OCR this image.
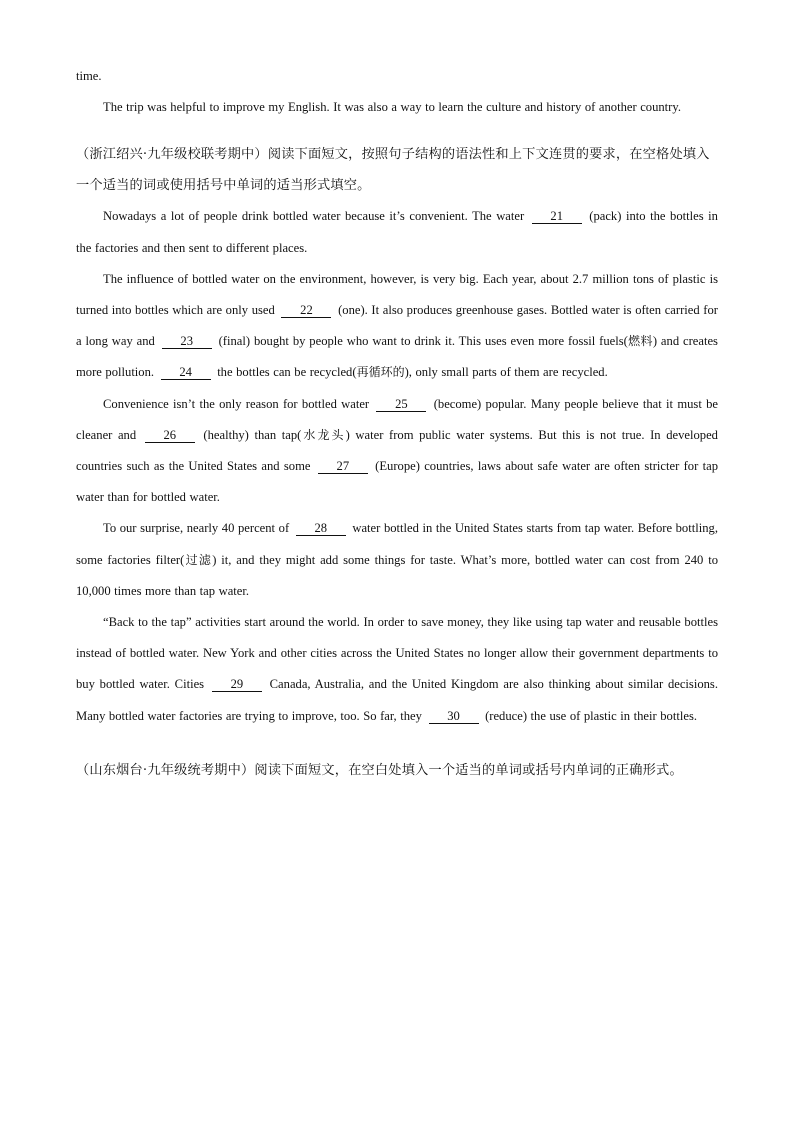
time.

The trip was helpful to improve my English. It was also a way to learn the culture and history of another country.

（浙江绍兴·九年级校联考期中）阅读下面短文，按照句子结构的语法性和上下文连贯的要求，在空格处填入一个适当的词或使用括号中单词的适当形式填空。

Nowadays a lot of people drink bottled water because it’s convenient. The water 21 (pack) into the bottles in the factories and then sent to different places.

The influence of bottled water on the environment, however, is very big. Each year, about 2.7 million tons of plastic is turned into bottles which are only used 22 (one). It also produces greenhouse gases. Bottled water is often carried for a long way and 23 (final) bought by people who want to drink it. This uses even more fossil fuels(燃料) and creates more pollution. 24 the bottles can be recycled(再循环的), only small parts of them are recycled.

Convenience isn’t the only reason for bottled water 25 (become) popular. Many people believe that it must be cleaner and 26 (healthy) than tap(水龙头) water from public water systems. But this is not true. In developed countries such as the United States and some 27 (Europe) countries, laws about safe water are often stricter for tap water than for bottled water.

To our surprise, nearly 40 percent of 28 water bottled in the United States starts from tap water. Before bottling, some factories filter(过滤) it, and they might add some things for taste. What’s more, bottled water can cost from 240 to 10,000 times more than tap water.

“Back to the tap” activities start around the world. In order to save money, they like using tap water and reusable bottles instead of bottled water. New York and other cities across the United States no longer allow their government departments to buy bottled water. Cities 29 Canada, Australia, and the United Kingdom are also thinking about similar decisions. Many bottled water factories are trying to improve, too. So far, they 30 (reduce) the use of plastic in their bottles.

（山东烟台·九年级统考期中）阅读下面短文，在空白处填入一个适当的单词或括号内单词的正确形式。
